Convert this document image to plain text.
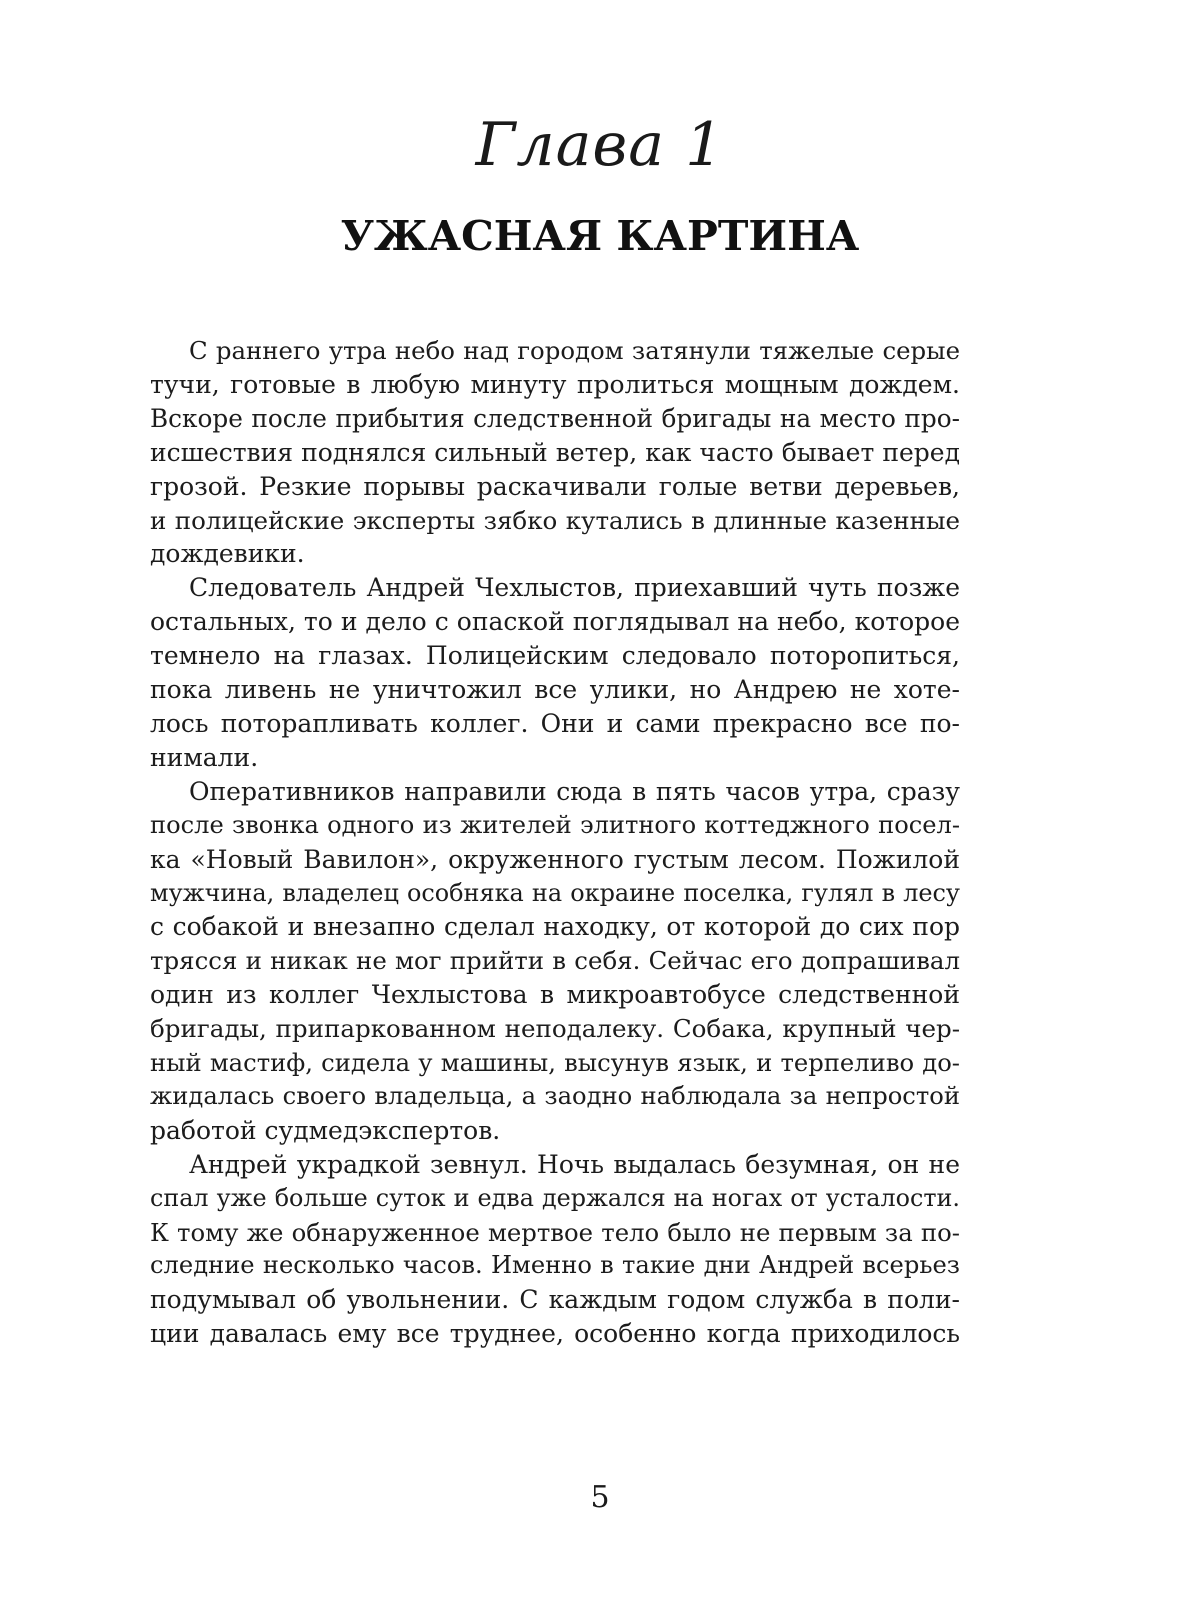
Глава 1
УЖАСНАЯ КАРТИНА

С раннего утра небо над городом затянули тяжелые серые
тучи, готовые в любую минуту пролиться мощным дождем.
Вскоре после прибытия следственной бригады на место про-
исшествия поднялся сильный ветер, как часто бывает перед
грозой. Резкие порывы раскачивали голые ветви деревьев,
и полицейские эксперты зябко кутались в длинные казенные
дождевики.

Следователь Андрей Чехлыстов, приехавший чуть позже
остальных, то и дело с опаской поглядывал на небо, которое
темнело на глазах. Полицейским следовало поторопиться,
пока ливень не уничтожил все улики, но Андрею не хоте-
лось поторапливать коллег. Они и сами прекрасно все по-
нимали.

Оперативников направили сюда в пять часов утра, сразу
после звонка одного из жителей элитного коттеджного посел-
ка «Новый Вавилон», окруженного густым лесом. Пожилой
мужчина, владелец особняка на окраине поселка, гулял в лесу
с собакой и внезапно сделал находку, от которой до сих пор
трясся и никак не мог прийти в себя. Сейчас его допрашивал
один из коллег Чехлыстова в микроавтобусе следственной
бригады, припаркованном неподалеку. Собака, крупный чер-
ный мастиф, сидела у машины, высунув язык, и терпеливо до-
жидалась своего владельца, а заодно наблюдала за непростой
работой судмедэкспертов.

Андрей украдкой зевнул. Ночь выдалась безумная, он не
спал уже больше суток и едва держался на ногах от усталости.
К тому же обнаруженное мертвое тело было не первым за по-
следние несколько часов. Именно в такие дни Андрей всерьез
подумывал об увольнении. С каждым годом служба в поли-
ции давалась ему все труднее, особенно когда приходилось

5
